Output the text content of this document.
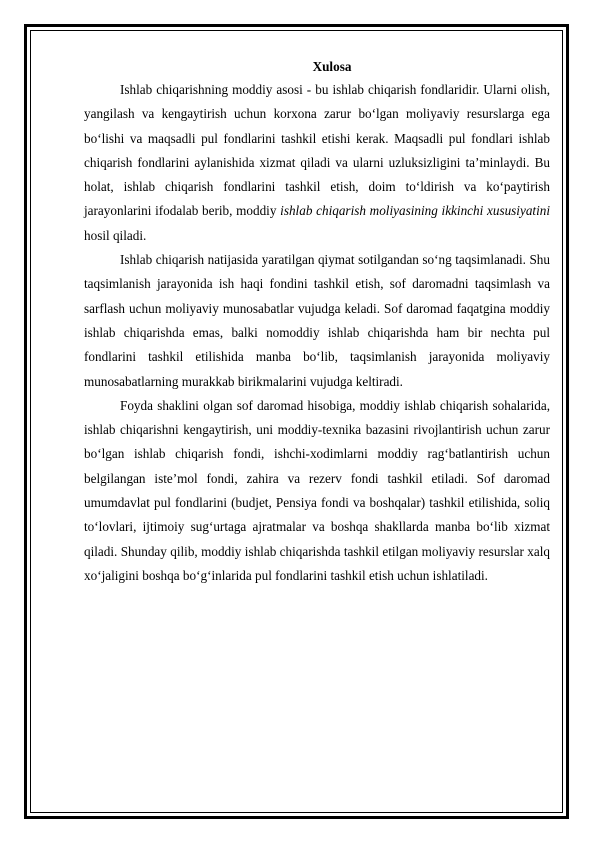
Xulosa

Ishlab chiqarishning moddiy asosi - bu ishlab chiqarish fondlaridir. Ularni olish, yangilash va kengaytirish uchun korxona zarur bo‘lgan moliyaviy resurslarga ega bo‘lishi va maqsadli pul fondlarini tashkil etishi kerak. Maqsadli pul fondlari ishlab chiqarish fondlarini aylanishida xizmat qiladi va ularni uzluksizligini ta’minlaydi. Bu holat, ishlab chiqarish fondlarini tashkil etish, doim to‘ldirish va ko‘paytirish jarayonlarini ifodalab berib, moddiy ishlab chiqarish moliyasining ikkinchi xususiyatini hosil qiladi.

Ishlab chiqarish natijasida yaratilgan qiymat sotilgandan so‘ng taqsimlanadi. Shu taqsimlanish jarayonida ish haqi fondini tashkil etish, sof daromadni taqsimlash va sarflash uchun moliyaviy munosabatlar vujudga keladi. Sof daromad faqatgina moddiy ishlab chiqarishda emas, balki nomoddiy ishlab chiqarishda ham bir nechta pul fondlarini tashkil etilishida manba bo‘lib, taqsimlanish jarayonida moliyaviy munosabatlarning murakkab birikmalarini vujudga keltiradi.

Foyda shaklini olgan sof daromad hisobiga, moddiy ishlab chiqarish sohalarida, ishlab chiqarishni kengaytirish, uni moddiy-texnika bazasini rivojlantirish uchun zarur bo‘lgan ishlab chiqarish fondi, ishchi-xodimlarni moddiy rag‘batlantirish uchun belgilangan iste’mol fondi, zahira va rezerv fondi tashkil etiladi. Sof daromad umumdavlat pul fondlarini (budjet, Pensiya fondi va boshqalar) tashkil etilishida, soliq to‘lovlari, ijtimoiy sug‘urtaga ajratmalar va boshqa shakllarda manba bo‘lib xizmat qiladi. Shunday qilib, moddiy ishlab chiqarishda tashkil etilgan moliyaviy resurslar xalq xo‘jaligini boshqa bo‘g‘inlarida pul fondlarini tashkil etish uchun ishlatiladi.
